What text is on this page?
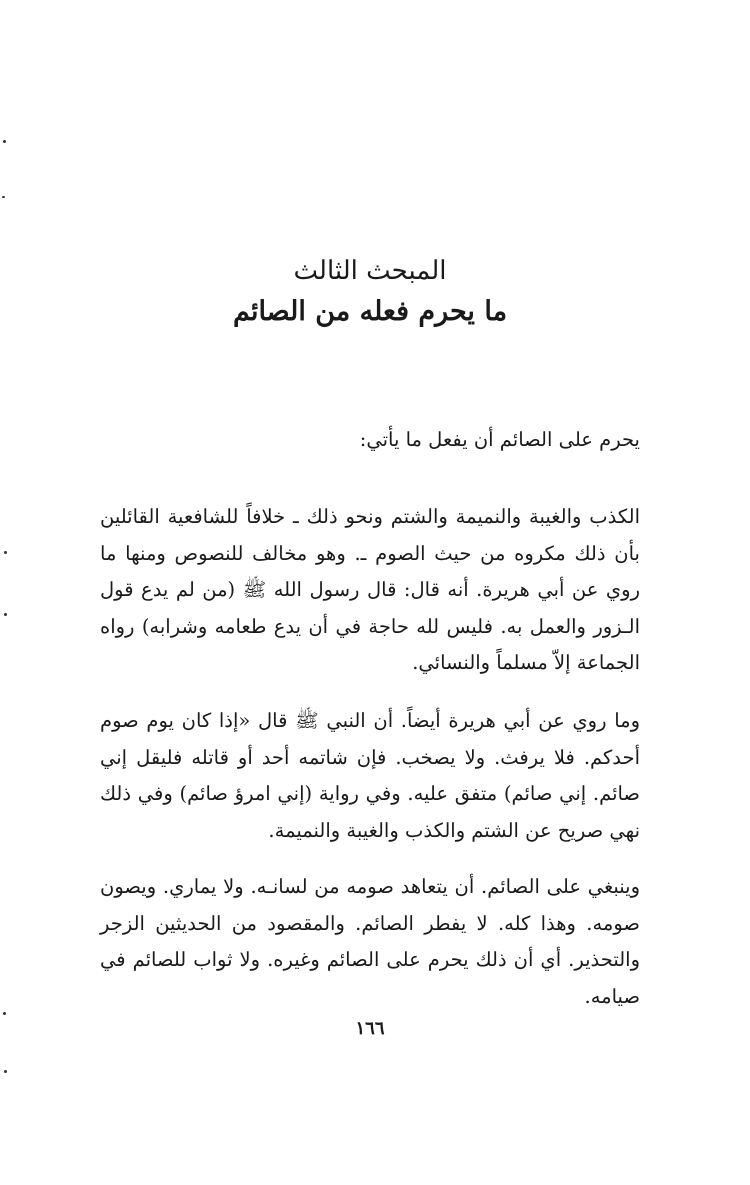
المبحث الثالث
ما يحرم فعله من الصائم
يحرم على الصائم أن يفعل ما يأتي:
الكذب والغيبة والنميمة والشتم ونحو ذلك ـ خلافاً للشافعية القائلين بأن ذلك مكروه من حيث الصوم ـ. وهو مخالف للنصوص ومنها ما روي عن أبي هريرة. أنه قال: قال رسول الله ﷺ (من لم يدع قول الـزور والعمل به. فليس لله حاجة في أن يدع طعامه وشرابه) رواه الجماعة إلاّ مسلماً والنسائي.
وما روي عن أبي هريرة أيضاً. أن النبي ﷺ قال «إذا كان يوم صوم أحدكم. فلا يرفث. ولا يصخب. فإن شاتمه أحد أو قاتله فليقل إني صائم. إني صائم) متفق عليه. وفي رواية (إني امرؤ صائم) وفي ذلك نهي صريح عن الشتم والكذب والغيبة والنميمة.
وينبغي على الصائم. أن يتعاهد صومه من لسانـه. ولا يماري. ويصون صومه. وهذا كله. لا يفطر الصائم. والمقصود من الحديثين الزجر والتحذير. أي أن ذلك يحرم على الصائم وغيره. ولا ثواب للصائم في صيامه.
١٦٦
